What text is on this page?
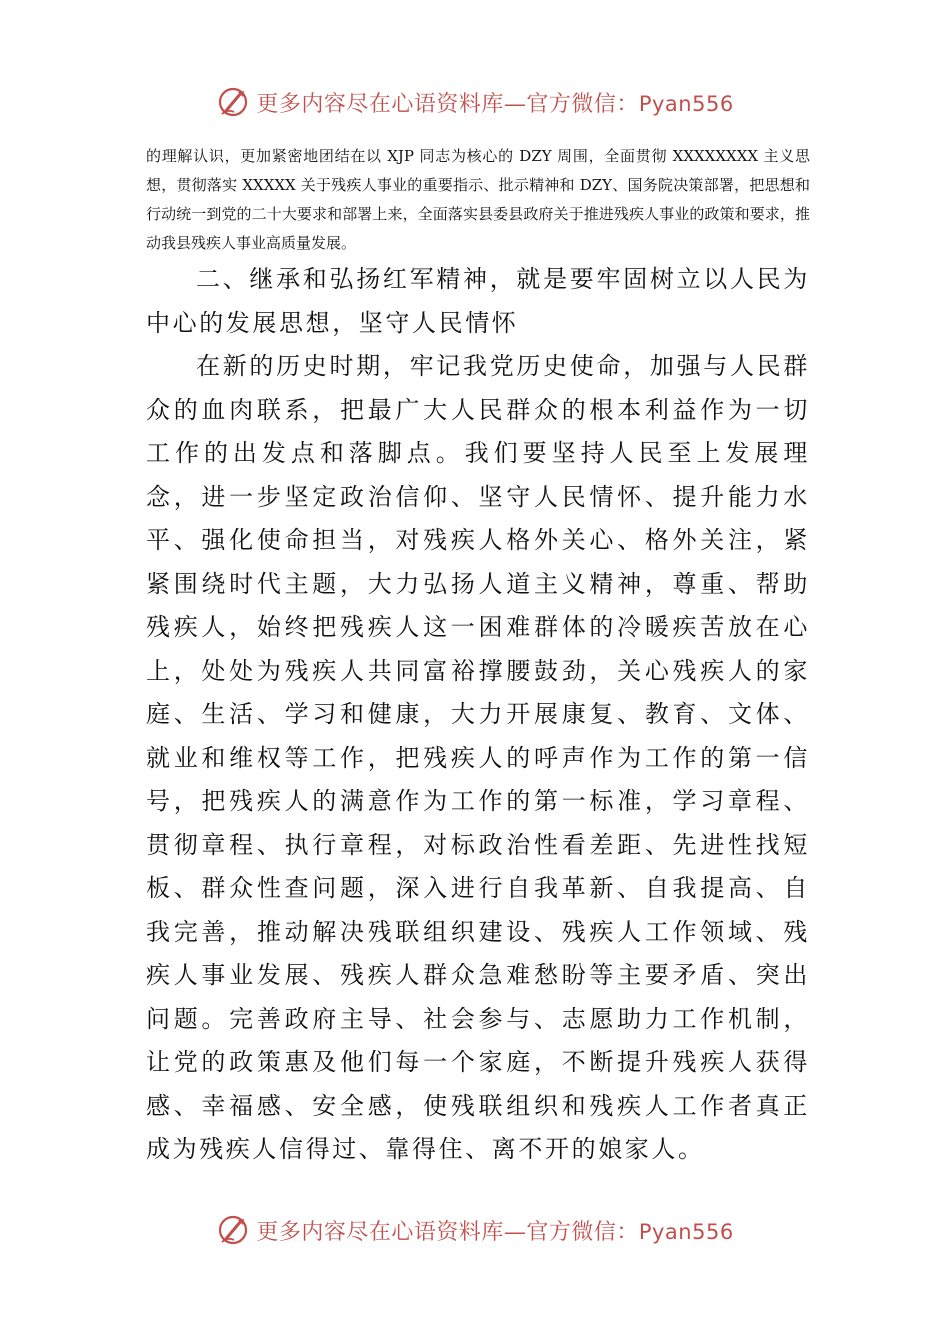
更多内容尽在心语资料库—官方微信：Pyan556

的理解认识，更加紧密地团结在以 XJP 同志为核心的 DZY 周围，全面贯彻 XXXXXXXX 主义思想，贯彻落实 XXXXX 关于残疾人事业的重要指示、批示精神和 DZY、国务院决策部署，把思想和行动统一到党的二十大要求和部署上来，全面落实县委县政府关于推进残疾人事业的政策和要求，推动我县残疾人事业高质量发展。

二、继承和弘扬红军精神，就是要牢固树立以人民为中心的发展思想，坚守人民情怀

在新的历史时期，牢记我党历史使命，加强与人民群众的血肉联系，把最广大人民群众的根本利益作为一切工作的出发点和落脚点。我们要坚持人民至上发展理念，进一步坚定政治信仰、坚守人民情怀、提升能力水平、强化使命担当，对残疾人格外关心、格外关注，紧紧围绕时代主题，大力弘扬人道主义精神，尊重、帮助残疾人，始终把残疾人这一困难群体的冷暖疾苦放在心上，处处为残疾人共同富裕撑腰鼓劲，关心残疾人的家庭、生活、学习和健康，大力开展康复、教育、文体、就业和维权等工作，把残疾人的呼声作为工作的第一信号，把残疾人的满意作为工作的第一标准，学习章程、贯彻章程、执行章程，对标政治性看差距、先进性找短板、群众性查问题，深入进行自我革新、自我提高、自我完善，推动解决残联组织建设、残疾人工作领域、残疾人事业发展、残疾人群众急难愁盼等主要矛盾、突出问题。完善政府主导、社会参与、志愿助力工作机制，让党的政策惠及他们每一个家庭，不断提升残疾人获得感、幸福感、安全感，使残联组织和残疾人工作者真正成为残疾人信得过、靠得住、离不开的娘家人。

更多内容尽在心语资料库—官方微信：Pyan556
